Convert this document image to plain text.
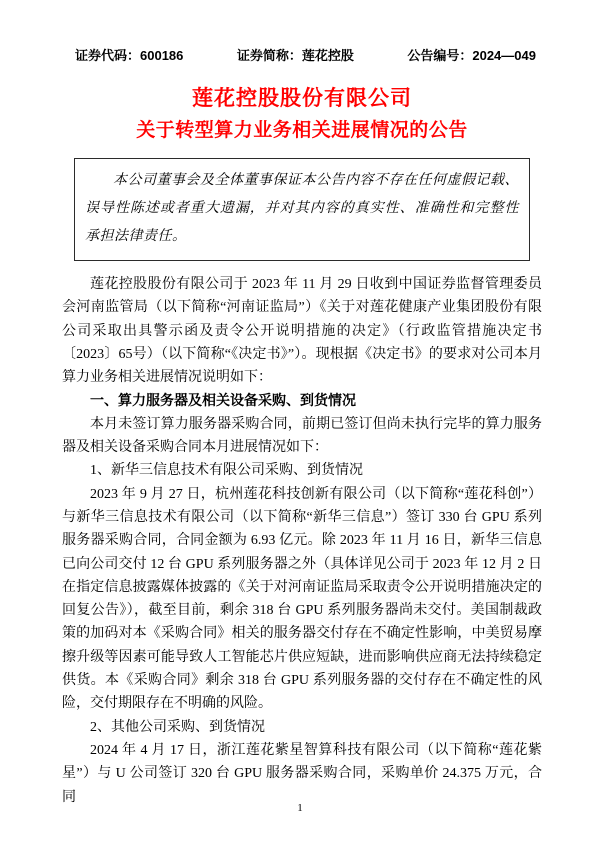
证券代码：600186	证券简称：莲花控股	公告编号：2024—049
莲花控股股份有限公司
关于转型算力业务相关进展情况的公告
本公司董事会及全体董事保证本公告内容不存在任何虚假记载、误导性陈述或者重大遗漏，并对其内容的真实性、准确性和完整性承担法律责任。
莲花控股股份有限公司于 2023 年 11 月 29 日收到中国证券监督管理委员会河南监管局（以下简称“河南证监局”）《关于对莲花健康产业集团股份有限公司采取出具警示函及责令公开说明措施的决定》（行政监管措施决定书〔2023〕65号）（以下简称“《决定书》”）。现根据《决定书》的要求对公司本月算力业务相关进展情况说明如下：
一、算力服务器及相关设备采购、到货情况
本月未签订算力服务器采购合同，前期已签订但尚未执行完毕的算力服务器及相关设备采购合同本月进展情况如下：
1、新华三信息技术有限公司采购、到货情况
2023 年 9 月 27 日，杭州莲花科技创新有限公司（以下简称“莲花科创”）与新华三信息技术有限公司（以下简称“新华三信息”）签订 330 台 GPU 系列服务器采购合同，合同金额为 6.93 亿元。除 2023 年 11 月 16 日，新华三信息已向公司交付 12 台 GPU 系列服务器之外（具体详见公司于 2023 年 12 月 2 日在指定信息披露媒体披露的《关于对河南证监局采取责令公开说明措施决定的回复公告》），截至目前，剩余 318 台 GPU 系列服务器尚未交付。美国制裁政策的加码对本《采购合同》相关的服务器交付存在不确定性影响，中美贸易摩擦升级等因素可能导致人工智能芯片供应短缺，进而影响供应商无法持续稳定供货。本《采购合同》剩余 318 台 GPU 系列服务器的交付存在不确定性的风险，交付期限存在不明确的风险。
2、其他公司采购、到货情况
2024 年 4 月 17 日，浙江莲花紫星智算科技有限公司（以下简称“莲花紫星”）与 U 公司签订 320 台 GPU 服务器采购合同，采购单价 24.375 万元，合同
1
